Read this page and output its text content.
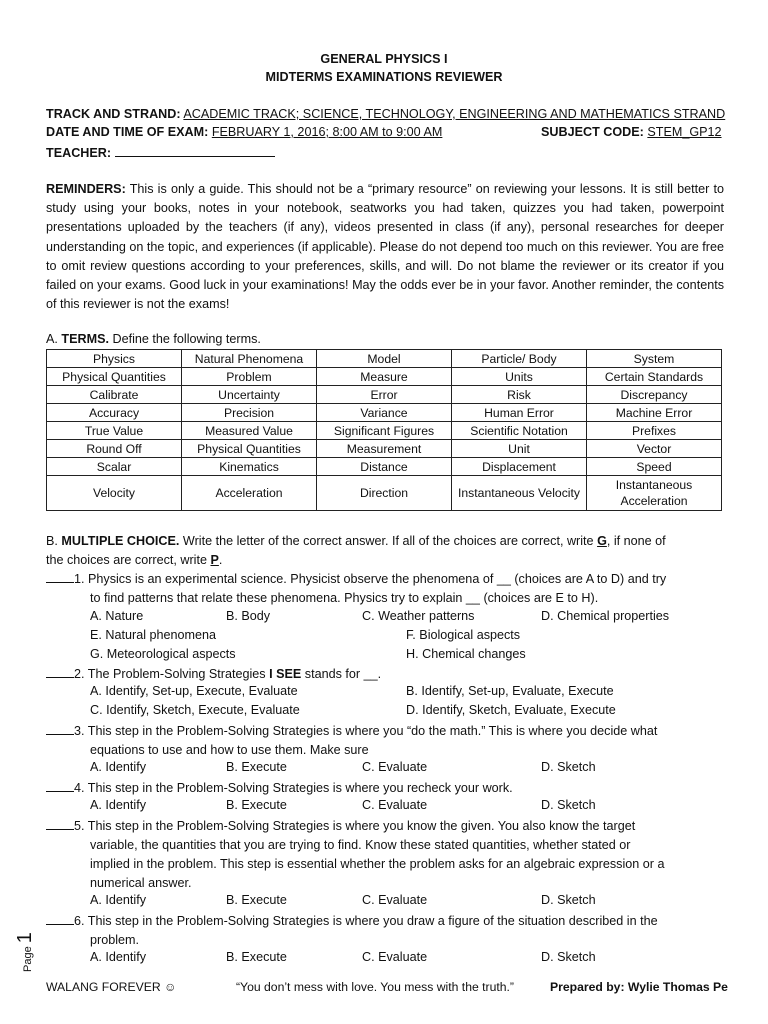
GENERAL PHYSICS I
MIDTERMS EXAMINATIONS REVIEWER
TRACK AND STRAND: ACADEMIC TRACK; SCIENCE, TECHNOLOGY, ENGINEERING AND MATHEMATICS STRAND
DATE AND TIME OF EXAM: FEBRUARY 1, 2016; 8:00 AM to 9:00 AM	SUBJECT CODE: STEM_GP12
TEACHER:
REMINDERS: This is only a guide. This should not be a “primary resource” on reviewing your lessons. It is still better to study using your books, notes in your notebook, seatworks you had taken, quizzes you had taken, powerpoint presentations uploaded by the teachers (if any), videos presented in class (if any), personal researches for deeper understanding on the topic, and experiences (if applicable). Please do not depend too much on this reviewer. You are free to omit review questions according to your preferences, skills, and will. Do not blame the reviewer or its creator if you failed on your exams. Good luck in your examinations! May the odds ever be in your favor. Another reminder, the contents of this reviewer is not the exams!
A. TERMS. Define the following terms.
Physics	Natural Phenomena	Model	Particle/ Body	System
Physical Quantities	Problem	Measure	Units	Certain Standards
Calibrate	Uncertainty	Error	Risk	Discrepancy
Accuracy	Precision	Variance	Human Error	Machine Error
True Value	Measured Value	Significant Figures	Scientific Notation	Prefixes
Round Off	Physical Quantities	Measurement	Unit	Vector
Scalar	Kinematics	Distance	Displacement	Speed
Velocity	Acceleration	Direction	Instantaneous Velocity	Instantaneous Acceleration
B. MULTIPLE CHOICE. Write the letter of the correct answer. If all of the choices are correct, write G, if none of
the choices are correct, write P.
1. Physics is an experimental science. Physicist observe the phenomena of __ (choices are A to D) and try
to find patterns that relate these phenomena. Physics try to explain __ (choices are E to H).
A. Nature	B. Body	C. Weather patterns	D. Chemical properties
E. Natural phenomena	F. Biological aspects
G. Meteorological aspects	H. Chemical changes
2. The Problem-Solving Strategies I SEE stands for __.
A. Identify, Set-up, Execute, Evaluate	B. Identify, Set-up, Evaluate, Execute
C. Identify, Sketch, Execute, Evaluate	D. Identify, Sketch, Evaluate, Execute
3. This step in the Problem-Solving Strategies is where you “do the math.” This is where you decide what
equations to use and how to use them. Make sure
A. Identify	B. Execute	C. Evaluate	D. Sketch
4. This step in the Problem-Solving Strategies is where you recheck your work.
A. Identify	B. Execute	C. Evaluate	D. Sketch
5. This step in the Problem-Solving Strategies is where you know the given. You also know the target
variable, the quantities that you are trying to find. Know these stated quantities, whether stated or
implied in the problem. This step is essential whether the problem asks for an algebraic expression or a
numerical answer.
A. Identify	B. Execute	C. Evaluate	D. Sketch
6. This step in the Problem-Solving Strategies is where you draw a figure of the situation described in the
problem.
A. Identify	B. Execute	C. Evaluate	D. Sketch
Page 1
WALANG FOREVER ☺	“You don’t mess with love. You mess with the truth.”	Prepared by: Wylie Thomas Pe
